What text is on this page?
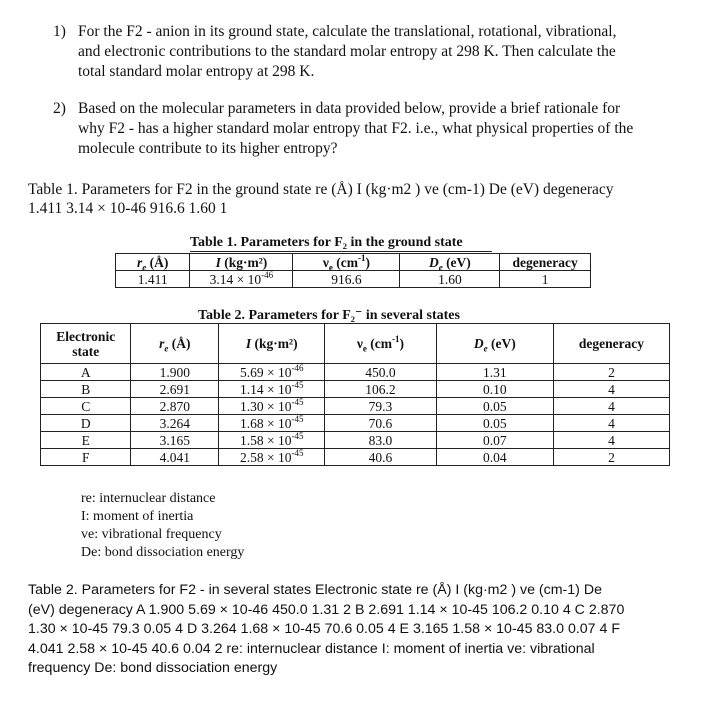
1) For the F2 - anion in its ground state, calculate the translational, rotational, vibrational,
and electronic contributions to the standard molar entropy at 298 K. Then calculate the
total standard molar entropy at 298 K.
2) Based on the molecular parameters in data provided below, provide a brief rationale for
why F2 - has a higher standard molar entropy that F2. i.e., what physical properties of the
molecule contribute to its higher entropy?
Table 1. Parameters for F2 in the ground state re (Å) I (kg·m2 ) ve (cm-1) De (eV) degeneracy
1.411 3.14 × 10-46 916.6 1.60 1
Table 1. Parameters for F₂ in the ground state
$r_e$ (Å)	I (kg·m²)	$\nu_e$ $(cm^{-1})$	$D_e$ (eV)	degeneracy
1.411	$3.14 \times 10^{-46}$	916.6	1.60	1
Table 2. Parameters for F₂⁻ in several states
Electronic
state	$r_e$ (Å)	I (kg·m²)	$\nu_e$ $(cm^{-1})$	$D_e$ (eV)	degeneracy
A	1.900	$5.69 \times 10^{-46}$	450.0	1.31	2
B	2.691	$1.14 \times 10^{-45}$	106.2	0.10	4
C	2.870	$1.30 \times 10^{-45}$	79.3	0.05	4
D	3.264	$1.68 \times 10^{-45}$	70.6	0.05	4
E	3.165	$1.58 \times 10^{-45}$	83.0	0.07	4
F	4.041	$2.58 \times 10^{-45}$	40.6	0.04	2
re: internuclear distance
I: moment of inertia
ve: vibrational frequency
De: bond dissociation energy
Table 2. Parameters for F2 - in several states Electronic state re (Å) I (kg·m2 ) ve (cm-1) De
(eV) degeneracy A 1.900 5.69 × 10-46 450.0 1.31 2 B 2.691 1.14 × 10-45 106.2 0.10 4 C 2.870
1.30 × 10-45 79.3 0.05 4 D 3.264 1.68 × 10-45 70.6 0.05 4 E 3.165 1.58 × 10-45 83.0 0.07 4 F
4.041 2.58 × 10-45 40.6 0.04 2 re: internuclear distance I: moment of inertia ve: vibrational
frequency De: bond dissociation energy
